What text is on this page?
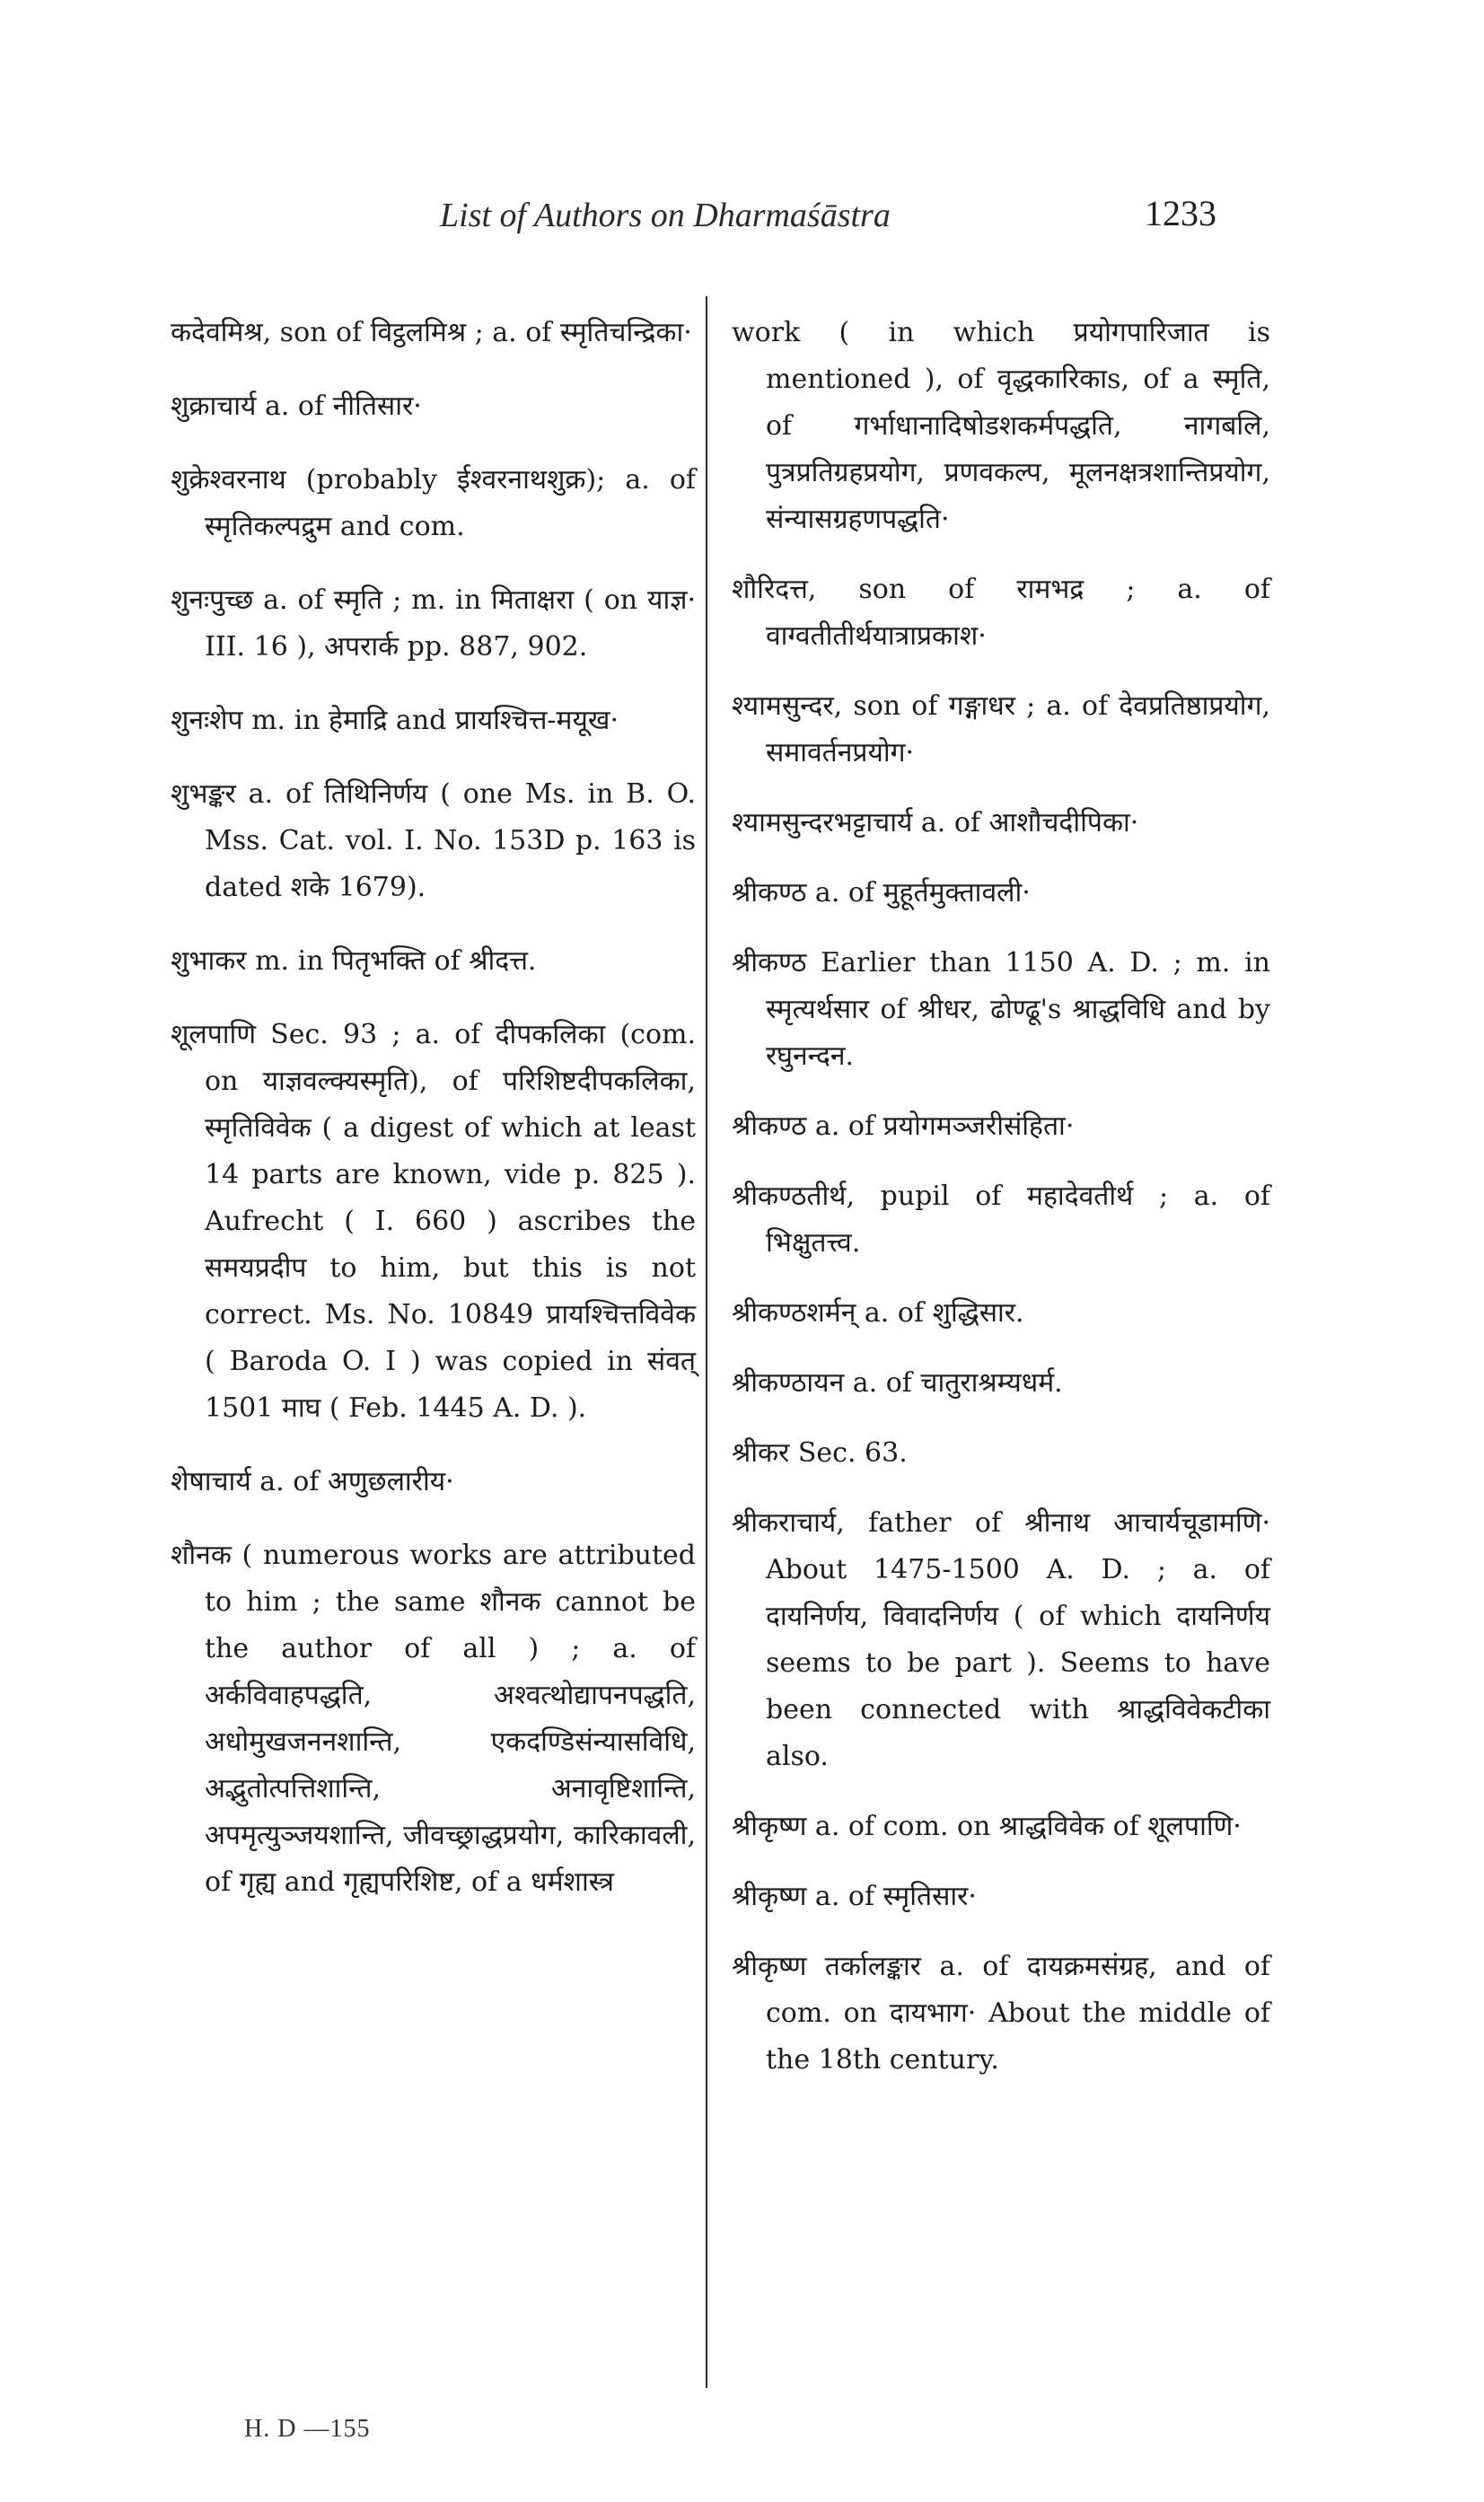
List of Authors on Dharmaśāstra	1233

कदेवमिश्र, son of विट्ठलमिश्र ; a. of स्मृतिचन्द्रिका·

शुक्राचार्य a. of नीतिसार·

शुक्रेश्वरनाथ (probably ईश्वरनाथशुक्र); a. of स्मृतिकल्पद्रुम and com.

शुनःपुच्छ a. of स्मृति ; m. in मिताक्षरा ( on याज्ञ· III. 16 ), अपरार्क pp. 887, 902.

शुनःशेप m. in हेमाद्रि and प्रायश्चित्त-मयूख·

शुभङ्कर a. of तिथिनिर्णय ( one Ms. in B. O. Mss. Cat. vol. I. No. 153D p. 163 is dated शके 1679).

शुभाकर m. in पितृभक्ति of श्रीदत्त.

शूलपाणि Sec. 93 ; a. of दीपकलिका (com. on याज्ञवल्क्यस्मृति), of परिशिष्टदीपकलिका, स्मृतिविवेक ( a digest of which at least 14 parts are known, vide p. 825 ). Aufrecht ( I. 660 ) ascribes the समयप्रदीप to him, but this is not correct. Ms. No. 10849 प्रायश्चित्तविवेक ( Baroda O. I ) was copied in संवत् 1501 माघ ( Feb. 1445 A. D. ).

शेषाचार्य a. of अणुछलारीय·

शौनक ( numerous works are attributed to him ; the same शौनक cannot be the author of all ) ; a. of अर्कविवाहपद्धति, अश्वत्थोद्यापनपद्धति, अधोमुखजननशान्ति, एकदण्डिसंन्यासविधि, अद्भुतोत्पत्तिशान्ति, अनावृष्टिशान्ति, अपमृत्युञ्जयशान्ति, जीवच्छ्राद्धप्रयोग, कारिकावली, of गृह्य and गृह्यपरिशिष्ट, of a धर्मशास्त्र

work ( in which प्रयोगपारिजात is mentioned ), of वृद्धकारिकाs, of a स्मृति, of गर्भाधानादिषोडशकर्मपद्धति, नागबलि, पुत्रप्रतिग्रहप्रयोग, प्रणवकल्प, मूलनक्षत्रशान्तिप्रयोग, संन्यासग्रहणपद्धति·

शौरिदत्त, son of रामभद्र ; a. of वाग्वतीतीर्थयात्राप्रकाश·

श्यामसुन्दर, son of गङ्गाधर ; a. of देवप्रतिष्ठाप्रयोग, समावर्तनप्रयोग·

श्यामसुन्दरभट्टाचार्य a. of आशौचदीपिका·

श्रीकण्ठ a. of मुहूर्तमुक्तावली·

श्रीकण्ठ Earlier than 1150 A. D. ; m. in स्मृत्यर्थसार of श्रीधर, ढोण्ढू's श्राद्धविधि and by रघुनन्दन.

श्रीकण्ठ a. of प्रयोगमञ्जरीसंहिता·

श्रीकण्ठतीर्थ, pupil of महादेवतीर्थ ; a. of भिक्षुतत्त्व.

श्रीकण्ठशर्मन् a. of शुद्धिसार.

श्रीकण्ठायन a. of चातुराश्रम्यधर्म.

श्रीकर Sec. 63.

श्रीकराचार्य, father of श्रीनाथ आचार्यचूडामणि· About 1475-1500 A. D. ; a. of दायनिर्णय, विवादनिर्णय ( of which दायनिर्णय seems to be part ). Seems to have been connected with श्राद्धविवेकटीका also.

श्रीकृष्ण a. of com. on श्राद्धविवेक of शूलपाणि·

श्रीकृष्ण a. of स्मृतिसार·

श्रीकृष्ण तर्कालङ्कार a. of दायक्रमसंग्रह, and of com. on दायभाग· About the middle of the 18th century.

H. D —155
